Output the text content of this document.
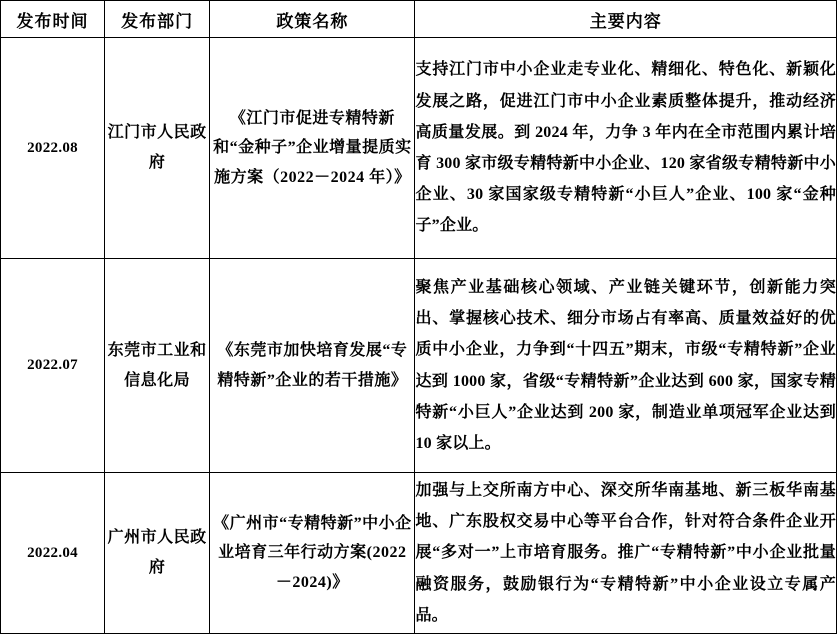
发布时间	发布部门	政策名称	主要内容
2022.08	江门市人民政府	《江门市促进专精特新和“金种子”企业增量提质实施方案（2022－2024 年）》	支持江门市中小企业走专业化、精细化、特色化、新颖化发展之路，促进江门市中小企业素质整体提升，推动经济高质量发展。到 2024 年，力争 3 年内在全市范围内累计培育 300 家市级专精特新中小企业、120 家省级专精特新中小企业、30 家国家级专精特新“小巨人”企业、100 家“金种子”企业。
2022.07	东莞市工业和信息化局	《东莞市加快培育发展“专精特新”企业的若干措施》	聚焦产业基础核心领域、产业链关键环节，创新能力突出、掌握核心技术、细分市场占有率高、质量效益好的优质中小企业，力争到“十四五”期末，市级“专精特新”企业达到 1000 家，省级“专精特新”企业达到 600 家，国家专精特新“小巨人”企业达到 200 家，制造业单项冠军企业达到 10 家以上。
2022.04	广州市人民政府	《广州市“专精特新”中小企业培育三年行动方案(2022－2024)》	加强与上交所南方中心、深交所华南基地、新三板华南基地、广东股权交易中心等平台合作，针对符合条件企业开展“多对一”上市培育服务。推广“专精特新”中小企业批量融资服务，鼓励银行为“专精特新”中小企业设立专属产品。
